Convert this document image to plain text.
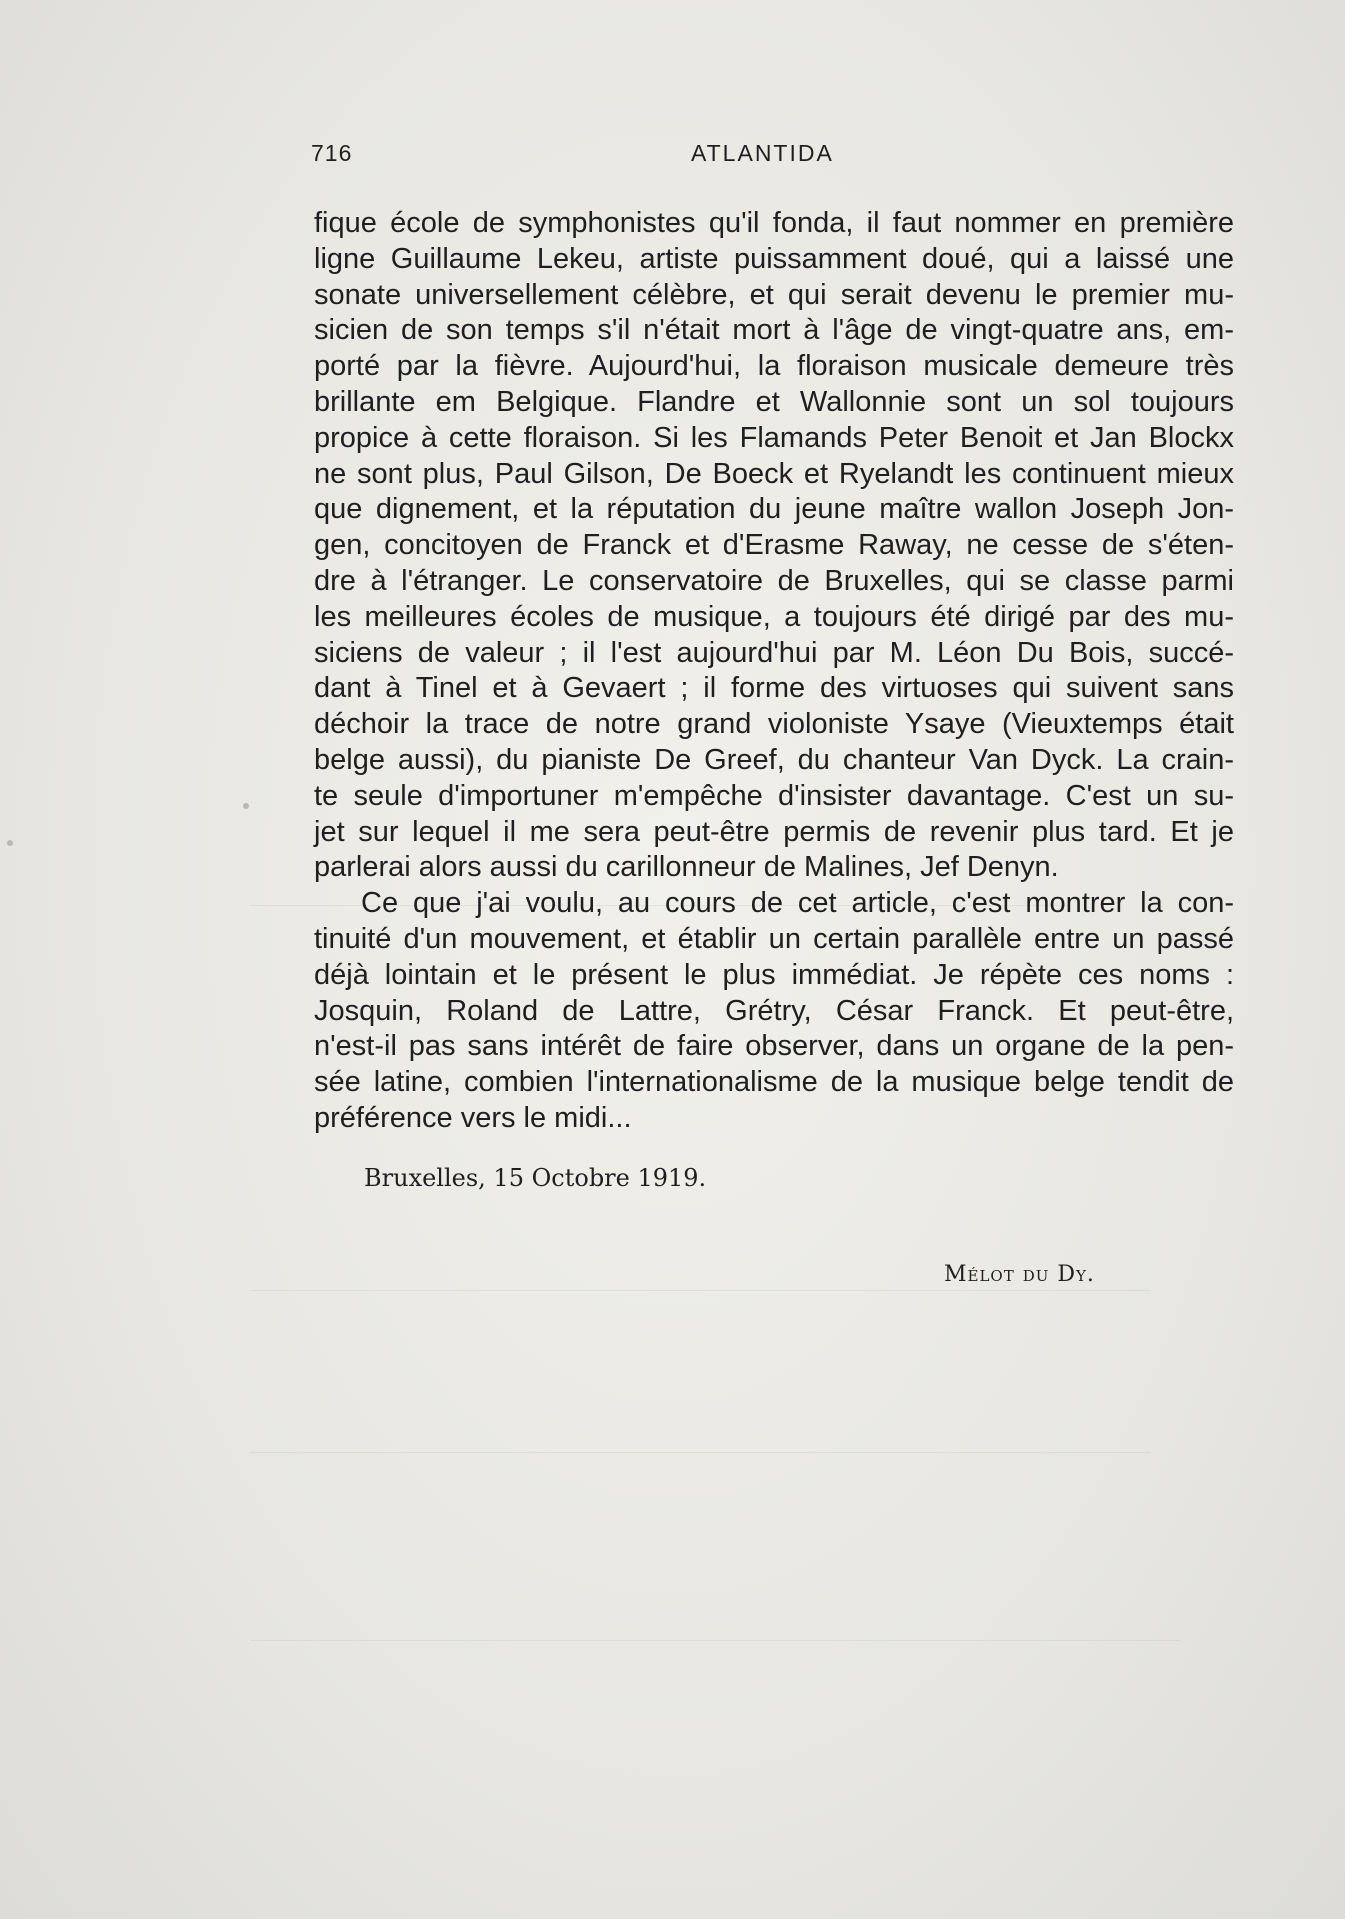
716	ATLANTIDA
fique école de symphonistes qu'il fonda, il faut nommer en première
ligne Guillaume Lekeu, artiste puissamment doué, qui a laissé une
sonate universellement célèbre, et qui serait devenu le premier mu-
sicien de son temps s'il n'était mort à l'âge de vingt-quatre ans, em-
porté par la fièvre. Aujourd'hui, la floraison musicale demeure très
brillante em Belgique. Flandre et Wallonnie sont un sol toujours
propice à cette floraison. Si les Flamands Peter Benoit et Jan Blockx
ne sont plus, Paul Gilson, De Boeck et Ryelandt les continuent mieux
que dignement, et la réputation du jeune maître wallon Joseph Jon-
gen, concitoyen de Franck et d'Erasme Raway, ne cesse de s'éten-
dre à l'étranger. Le conservatoire de Bruxelles, qui se classe parmi
les meilleures écoles de musique, a toujours été dirigé par des mu-
siciens de valeur ; il l'est aujourd'hui par M. Léon Du Bois, succé-
dant à Tinel et à Gevaert ; il forme des virtuoses qui suivent sans
déchoir la trace de notre grand violoniste Ysaye (Vieuxtemps était
belge aussi), du pianiste De Greef, du chanteur Van Dyck. La crain-
te seule d'importuner m'empêche d'insister davantage. C'est un su-
jet sur lequel il me sera peut-être permis de revenir plus tard. Et je
parlerai alors aussi du carillonneur de Malines, Jef Denyn.
Ce que j'ai voulu, au cours de cet article, c'est montrer la con-
tinuité d'un mouvement, et établir un certain parallèle entre un passé
déjà lointain et le présent le plus immédiat. Je répète ces noms :
Josquin, Roland de Lattre, Grétry, César Franck. Et peut-être,
n'est-il pas sans intérêt de faire observer, dans un organe de la pen-
sée latine, combien l'internationalisme de la musique belge tendit de
préférence vers le midi...
Bruxelles, 15 Octobre 1919.
Mélot du Dy.
